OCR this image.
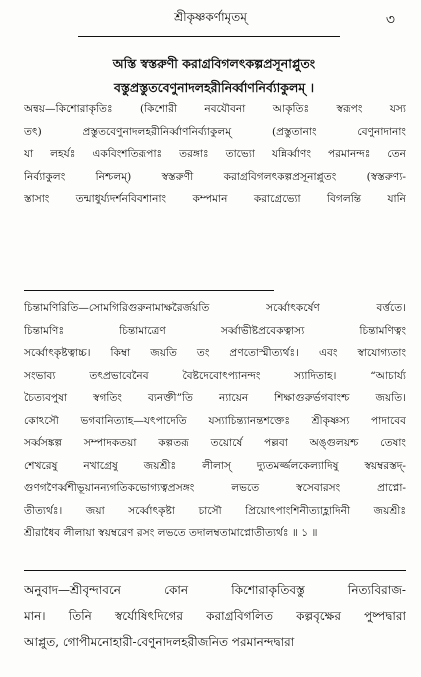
শ্রীকৃষ্ণকর্ণামৃতম্	৩
অস্তি স্বস্তরুণী করাগ্রবিগলৎকল্পপ্রসূনাপ্লুতং
বস্তুপ্রস্তুতবেণুনাদলহরীনির্ব্বাণনির্ব্যাকুলম্ ।
অন্বয়—কিশোরাকৃতিঃ (কিশোরী নবযৌবনা আকৃতিঃ স্বরূপং যস্য
তৎ) প্রস্তুতবেণুনাদলহরীনির্ব্বাণনির্ব্যাকুলম্ (প্রস্তুতানাং বেণুনাদানাং
যা লহর্যঃ একবিংশতিরূপাঃ তরঙ্গাঃ তাভ্যো যন্নির্ব্বাণং পরমানন্দঃ তেন
নির্ব্যাকুলং নিশ্চলম্) স্বস্তরুণী করাগ্রবিগলৎকল্পপ্রসূনাপ্লুতং (স্বস্তরুণ্য-
স্তাসাং তন্মাধুর্য্যদর্শনবিবশানাং কম্পমান করাগ্রেভ্যো বিগলন্তি যানি
চিন্তামণিরিতি—সোমগিরিগুরুনামাক্ষরৈর্জয়তি সর্ব্বোৎকর্ষেণ বর্ত্ততে।
চিন্তামণিঃ চিন্তামাত্রেণ সর্ব্বাভীষ্টপ্রবেকত্বাস্য চিন্তামণিত্বং
সর্ব্বোৎকৃষ্টত্বাচ্চ। কিম্বা জয়তি তং প্রণতোস্মীত্যর্থঃ। এবং স্বাযোগ্যতাং
সংভাব্য তৎপ্রভাবেনৈব বৈষ্টদেবোৎপ্যানন্দং স্যাদিতাহ। “আচার্য্য
চৈত্যবপুষা স্বগতিং ব্যনক্তী”তি ন্যায়েন শিক্ষাগুরুর্ভগবাংশ্চ জয়তি।
কোঽসৌ ভগবানিত্যাহ—যৎপাদেতি যস্যাচিন্ত্যানন্তশক্তেঃ শ্রীকৃষ্ণস্য পাদাবেব
সর্ব্বসঙ্কল্প সম্পাদকতয়া কল্পতরূ তয়োর্ষে পল্লবা অঙ্গুলয়শ্চ তেষাং
শেখরেষু নখাগ্রেষু জয়শ্রীঃ লীলাস্‌ দ্যুতমর্জ্জলকেল্যাদিষু স্বয়ম্বরস্তদ্-
গুণগণৈর্ব্বশীভূয়ানন্যগতিকভোগ্যত্বপ্রসঙ্গং লভতে স্বসেবারসং প্রাপ্নো-
তীত্যর্থঃ। জয়া সর্ব্বোৎকৃষ্টা চাসৌ প্রিয়োৎপাংশিনীত্যাহ্লাদিনী জয়শ্রীঃ
শ্রীরাধৈব লীলায়া স্বয়ম্বরেণ রসং লভতে তদালম্বতামাপ্নোতীত্যর্থঃ ॥ ১ ॥
অনুবাদ—শ্রীবৃন্দাবনে কোন কিশোরাকৃতিবস্তু নিত্যবিরাজ-
মান। তিনি স্বর্যোষিৎদিগের করাগ্রবিগলিত কল্পবৃক্ষের পুষ্পদ্বারা
আপ্লুত, গোপীমনোহারী-বেণুনাদলহরীজনিত পরমানন্দদ্বারা
